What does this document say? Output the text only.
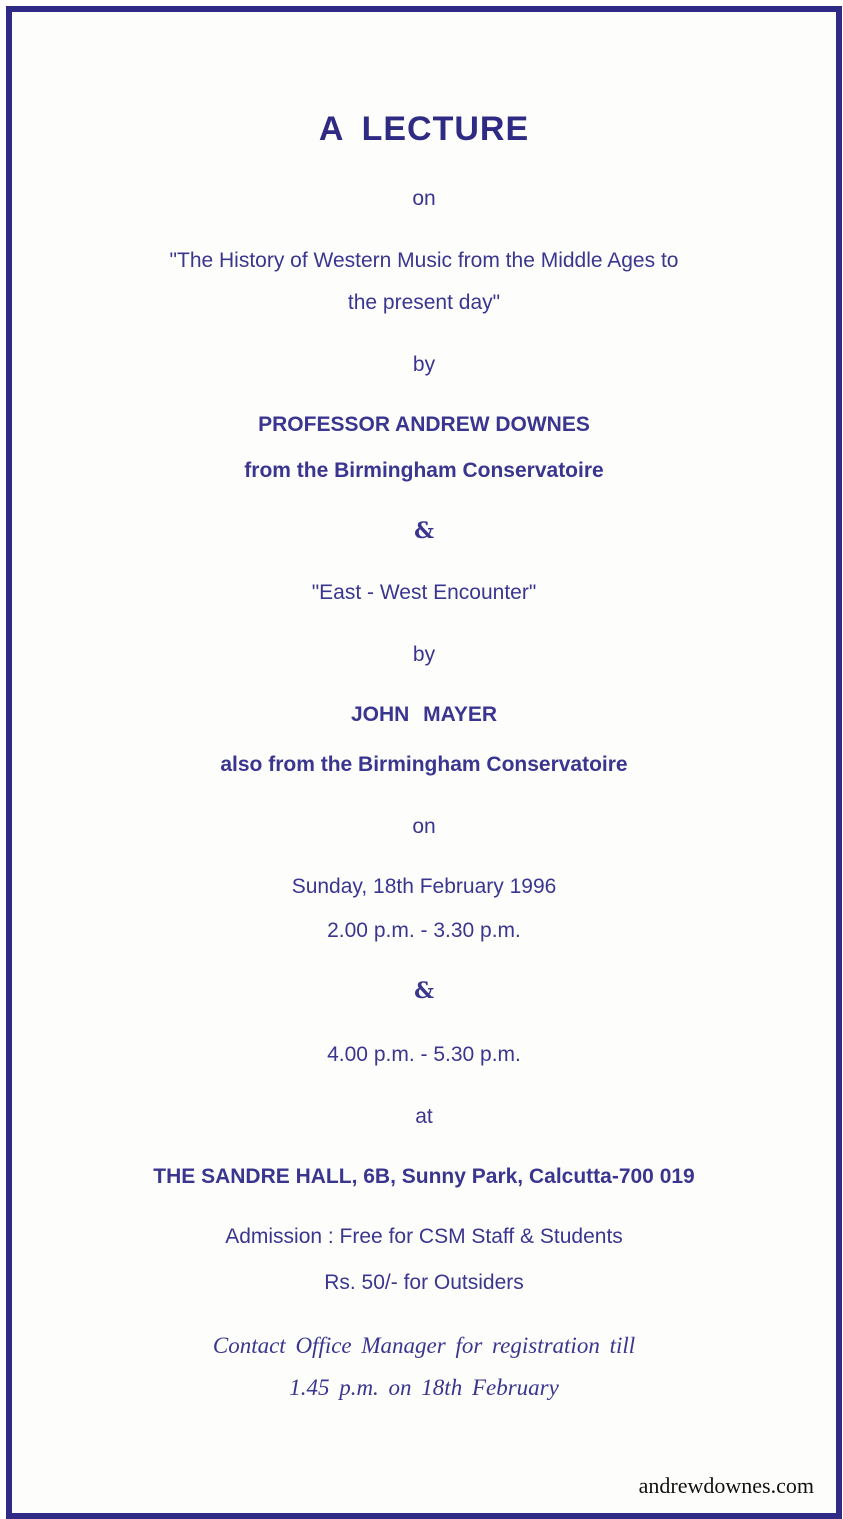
A LECTURE
on
"The History of Western Music from the Middle Ages to
the present day"
by
PROFESSOR ANDREW DOWNES
from the Birmingham Conservatoire
&
"East - West Encounter"
by
JOHN MAYER
also from the Birmingham Conservatoire
on
Sunday, 18th February 1996
2.00 p.m. - 3.30 p.m.
&
4.00 p.m. - 5.30 p.m.
at
THE SANDRE HALL, 6B, Sunny Park, Calcutta-700 019
Admission : Free for CSM Staff & Students
Rs. 50/- for Outsiders
Contact Office Manager for registration till
1.45 p.m. on 18th February
andrewdownes.com
